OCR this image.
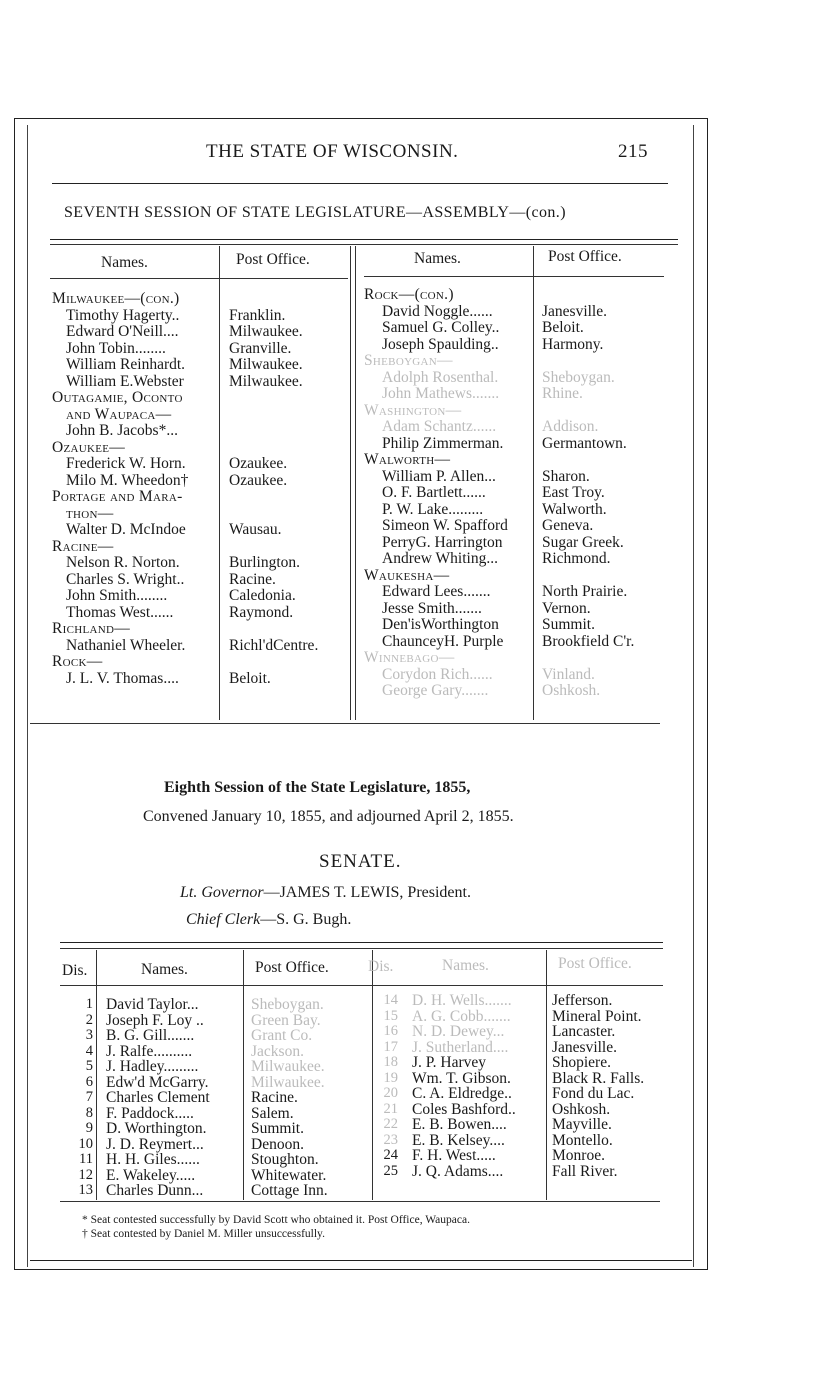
THE STATE OF WISCONSIN.	215
SEVENTH SESSION OF STATE LEGISLATURE—ASSEMBLY—(con.)
Names.	Post Office.	Names.	Post Office.
Milwaukee—(con.)
Timothy Hagerty..	Franklin.
Edward O'Neill....	Milwaukee.
John Tobin........	Granville.
William Reinhardt.	Milwaukee.
William E.Webster	Milwaukee.
Outagamie, Oconto
and Waupaca—
John B. Jacobs*...
Ozaukee—
Frederick W. Horn.	Ozaukee.
Milo M. Wheedon†	Ozaukee.
Portage and Mara-
thon—
Walter D. McIndoe	Wausau.
Racine—
Nelson R. Norton.	Burlington.
Charles S. Wright..	Racine.
John Smith........	Caledonia.
Thomas West......	Raymond.
Richland—
Nathaniel Wheeler.	Richl'dCentre.
Rock—
J. L. V. Thomas....	Beloit.
Rock—(con.)
David Noggle......	Janesville.
Samuel G. Colley..	Beloit.
Joseph Spaulding..	Harmony.
Sheboygan—
Adolph Rosenthal.	Sheboygan.
John Mathews.......	Rhine.
Washington—
Adam Schantz......	Addison.
Philip Zimmerman. Germantown.
Walworth—
William P. Allen...	Sharon.
O. F. Bartlett......	East Troy.
P. W. Lake.........	Walworth.
Simeon W. Spafford Geneva.
PerryG. Harrington	Sugar Greek.
Andrew Whiting...	Richmond.
Waukesha—
Edward Lees.......	North Prairie.
Jesse Smith.......	Vernon.
Den'isWorthington	Summit.
ChaunceyH. Purple Brookfield C'r.
Winnebago—
Corydon Rich......	Vinland.
George Gary.......	Oshkosh.
Eighth Session of the State Legislature, 1855,
Convened January 10, 1855, and adjourned April 2, 1855.
SENATE.
Lt. Governor—JAMES T. LEWIS, President.
Chief Clerk—S. G. Bugh.
Dis.	Names.	Post Office.	Dis.	Names.	Post Office.
1 David Taylor...	Sheboygan.
2 Joseph F. Loy ..	Green Bay.
3 B. G. Gill.......	Grant Co.
4 J. Ralfe..........	Jackson.
5 J. Hadley.........	Milwaukee.
6 Edw'd McGarry.	Milwaukee.
7 Charles Clement	Racine.
8 F. Paddock.....	Salem.
9 D. Worthington.	Summit.
10 J. D. Reymert...	Denoon.
11 H. H. Giles......	Stoughton.
12 E. Wakeley.....	Whitewater.
13 Charles Dunn...	Cottage Inn.
14 D. H. Wells.......	Jefferson.
15 A. G. Cobb.......	Mineral Point.
16 N. D. Dewey...	Lancaster.
17 J. Sutherland....	Janesville.
18 J. P. Harvey	Shopiere.
19 Wm. T. Gibson.	Black R. Falls.
20 C. A. Eldredge..	Fond du Lac.
21 Coles Bashford.. Oshkosh.
22 E. B. Bowen....	Mayville.
23 E. B. Kelsey....	Montello.
24 F. H. West.....	Monroe.
25 J. Q. Adams....	Fall River.
* Seat contested successfully by David Scott who obtained it. Post Office, Waupaca.
† Seat contested by Daniel M. Miller unsuccessfully.
